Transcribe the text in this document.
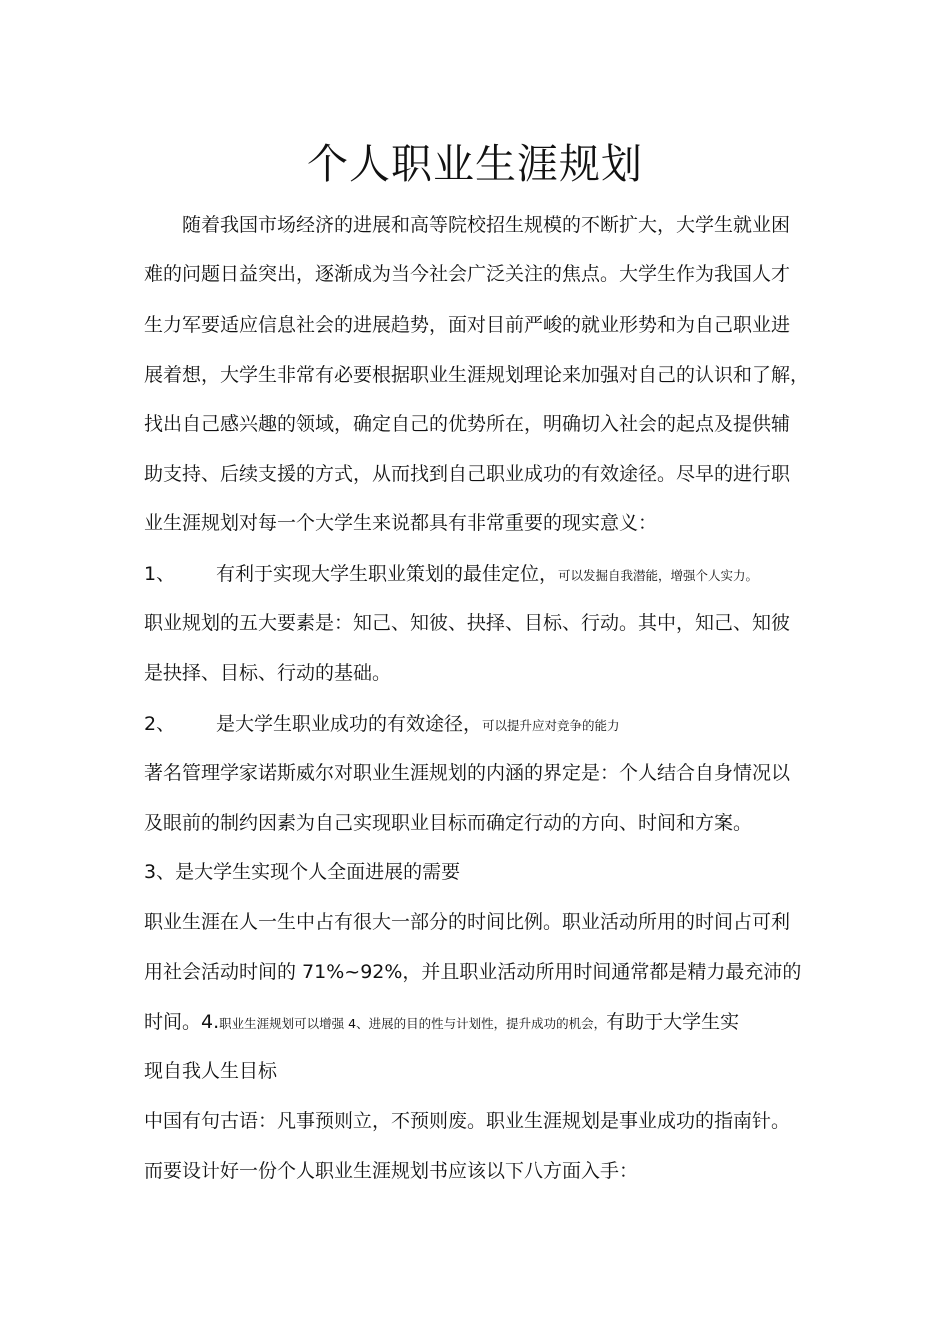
个人职业生涯规划
随着我国市场经济的进展和高等院校招生规模的不断扩大，大学生就业困
难的问题日益突出，逐渐成为当今社会广泛关注的焦点。大学生作为我国人才
生力军要适应信息社会的进展趋势，面对目前严峻的就业形势和为自己职业进
展着想，大学生非常有必要根据职业生涯规划理论来加强对自己的认识和了解，
找出自己感兴趣的领域，确定自己的优势所在，明确切入社会的起点及提供辅
助支持、后续支援的方式，从而找到自己职业成功的有效途径。尽早的进行职
业生涯规划对每一个大学生来说都具有非常重要的现实意义：
1、 有利于实现大学生职业策划的最佳定位，可以发掘自我潜能，增强个人实力。
职业规划的五大要素是：知己、知彼、抉择、目标、行动。其中，知己、知彼
是抉择、目标、行动的基础。
2、 是大学生职业成功的有效途径，可以提升应对竞争的能力
著名管理学家诺斯威尔对职业生涯规划的内涵的界定是：个人结合自身情况以
及眼前的制约因素为自己实现职业目标而确定行动的方向、时间和方案。
3、是大学生实现个人全面进展的需要
职业生涯在人一生中占有很大一部分的时间比例。职业活动所用的时间占可利
用社会活动时间的 71%~92%，并且职业活动所用时间通常都是精力最充沛的
时间。4.职业生涯规划可以增强 4、进展的目的性与计划性，提升成功的机会，有助于大学生实
现自我人生目标
中国有句古语：凡事预则立，不预则废。职业生涯规划是事业成功的指南针。
而要设计好一份个人职业生涯规划书应该以下八方面入手：
